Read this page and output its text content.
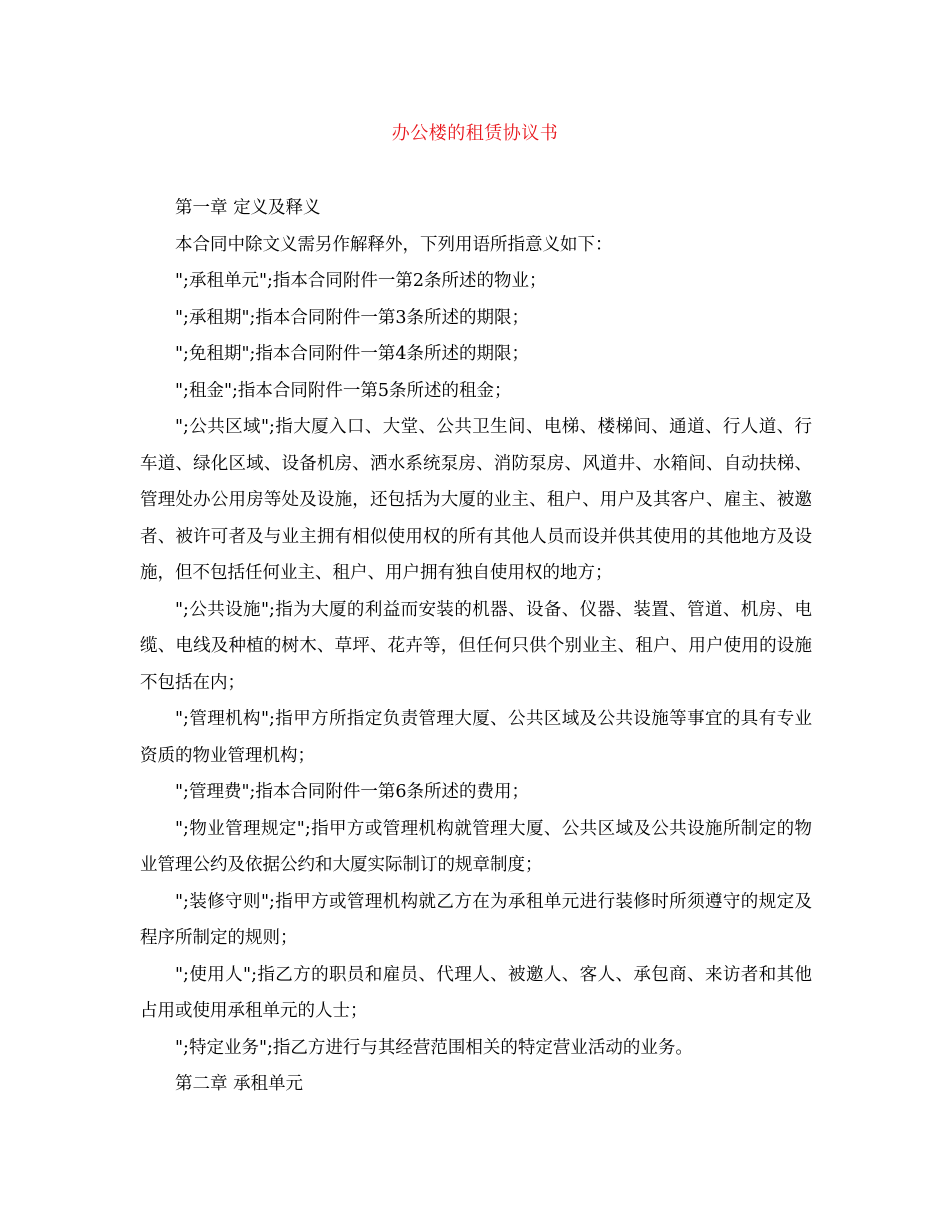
办公楼的租赁协议书

第一章 定义及释义

本合同中除文义需另作解释外，下列用语所指意义如下：

";承租单元";指本合同附件一第2条所述的物业；

";承租期";指本合同附件一第3条所述的期限；

";免租期";指本合同附件一第4条所述的期限；

";租金";指本合同附件一第5条所述的租金；

";公共区域";指大厦入口、大堂、公共卫生间、电梯、楼梯间、通道、行人道、行车道、绿化区域、设备机房、洒水系统泵房、消防泵房、风道井、水箱间、自动扶梯、管理处办公用房等处及设施，还包括为大厦的业主、租户、用户及其客户、雇主、被邀者、被许可者及与业主拥有相似使用权的所有其他人员而设并供其使用的其他地方及设施，但不包括任何业主、租户、用户拥有独自使用权的地方；

";公共设施";指为大厦的利益而安装的机器、设备、仪器、装置、管道、机房、电缆、电线及种植的树木、草坪、花卉等，但任何只供个别业主、租户、用户使用的设施不包括在内；

";管理机构";指甲方所指定负责管理大厦、公共区域及公共设施等事宜的具有专业资质的物业管理机构；

";管理费";指本合同附件一第6条所述的费用；

";物业管理规定";指甲方或管理机构就管理大厦、公共区域及公共设施所制定的物业管理公约及依据公约和大厦实际制订的规章制度；

";装修守则";指甲方或管理机构就乙方在为承租单元进行装修时所须遵守的规定及程序所制定的规则；

";使用人";指乙方的职员和雇员、代理人、被邀人、客人、承包商、来访者和其他占用或使用承租单元的人士；

";特定业务";指乙方进行与其经营范围相关的特定营业活动的业务。

第二章 承租单元
